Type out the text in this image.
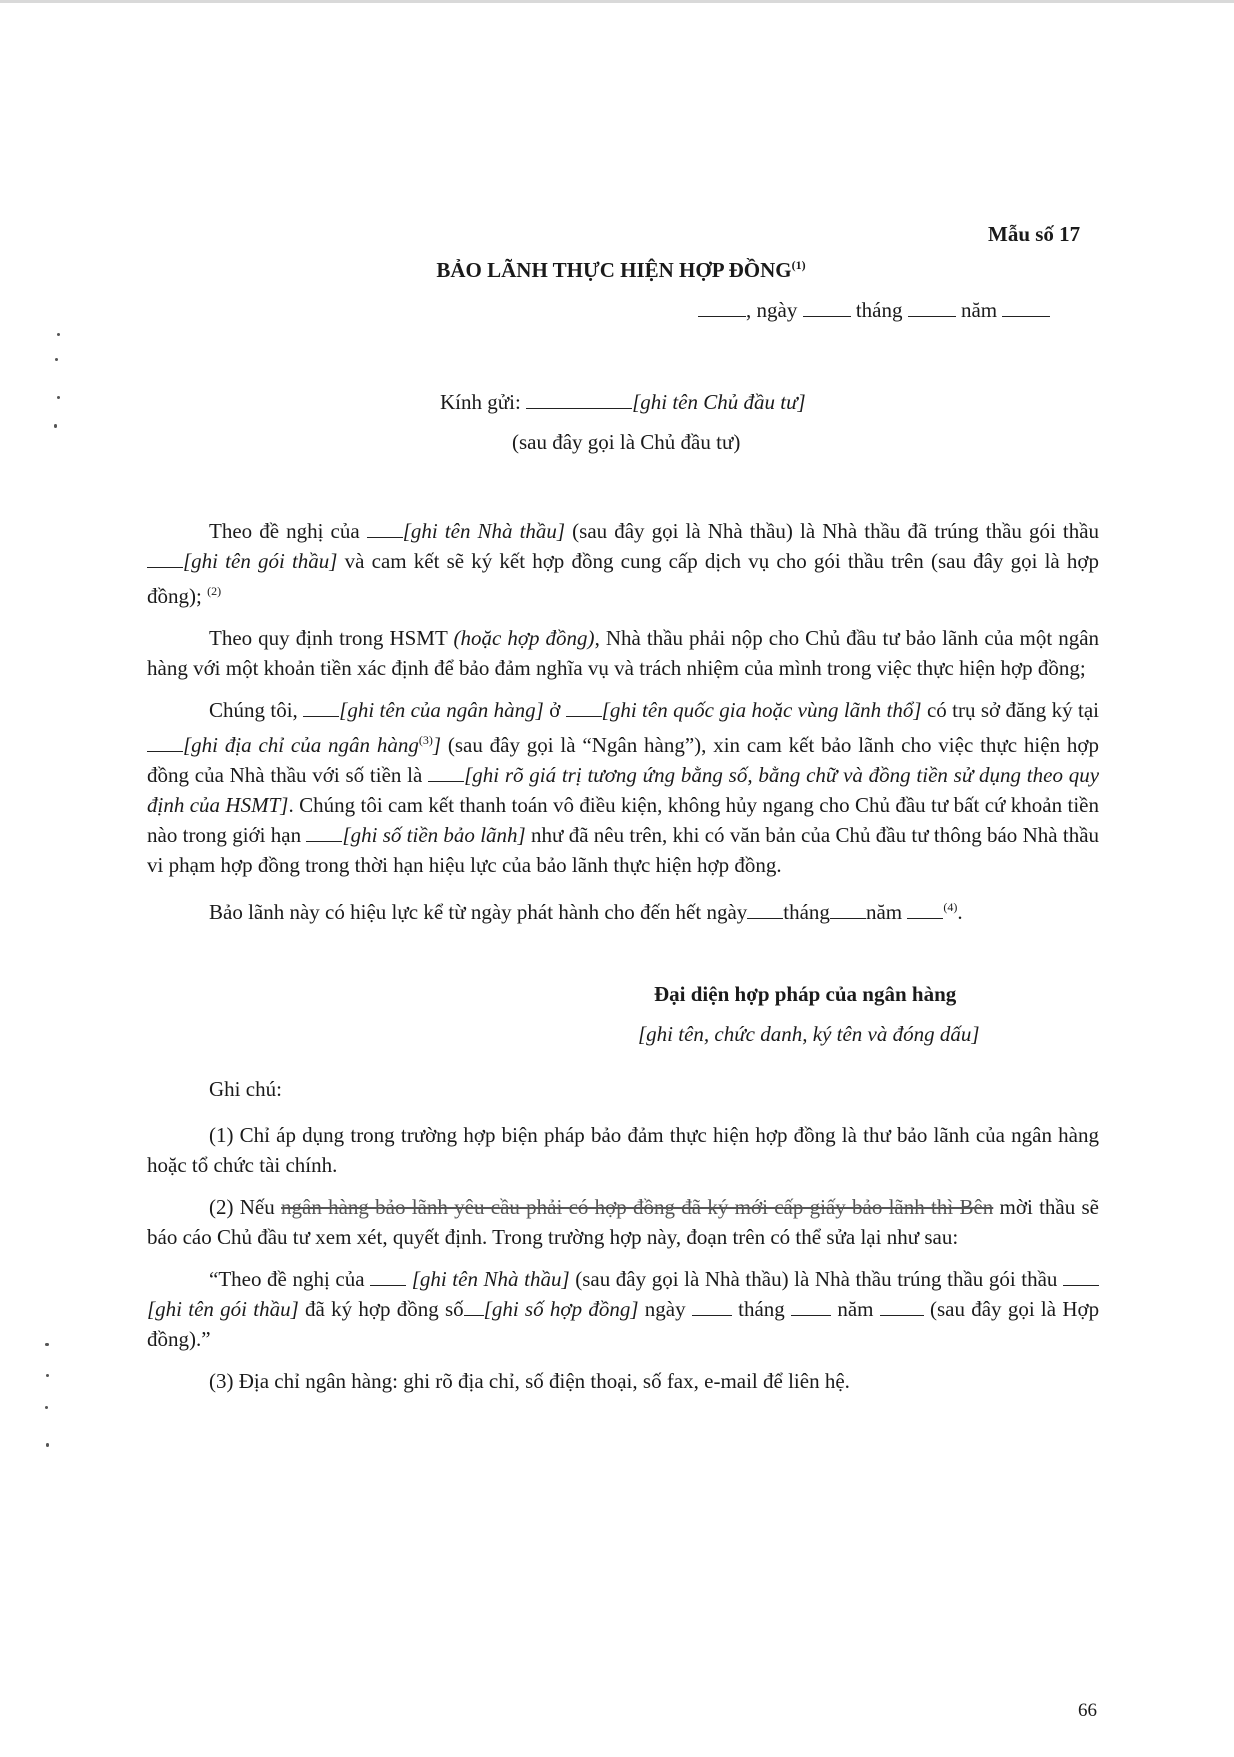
Mẫu số 17
BẢO LÃNH THỰC HIỆN HỢP ĐỒNG$^{(1)}$
, ngày	tháng	năm
Kính gửi:	[ghi tên Chủ đầu tư]
(sau đây gọi là Chủ đầu tư)

Theo đề nghị của [ghi tên Nhà thầu] (sau đây gọi là Nhà thầu) là Nhà thầu đã trúng thầu gói thầu [ghi tên gói thầu] và cam kết sẽ ký kết hợp đồng cung cấp dịch vụ cho gói thầu trên (sau đây gọi là hợp đồng); $^{(2)}$

Theo quy định trong HSMT (hoặc hợp đồng), Nhà thầu phải nộp cho Chủ đầu tư bảo lãnh của một ngân hàng với một khoản tiền xác định để bảo đảm nghĩa vụ và trách nhiệm của mình trong việc thực hiện hợp đồng;

Chúng tôi, [ghi tên của ngân hàng] ở [ghi tên quốc gia hoặc vùng lãnh thổ] có trụ sở đăng ký tại [ghi địa chỉ của ngân hàng$^{(3)}$] (sau đây gọi là “Ngân hàng”), xin cam kết bảo lãnh cho việc thực hiện hợp đồng của Nhà thầu với số tiền là [ghi rõ giá trị tương ứng bằng số, bằng chữ và đồng tiền sử dụng theo quy định của HSMT]. Chúng tôi cam kết thanh toán vô điều kiện, không hủy ngang cho Chủ đầu tư bất cứ khoản tiền nào trong giới hạn [ghi số tiền bảo lãnh] như đã nêu trên, khi có văn bản của Chủ đầu tư thông báo Nhà thầu vi phạm hợp đồng trong thời hạn hiệu lực của bảo lãnh thực hiện hợp đồng.

Bảo lãnh này có hiệu lực kể từ ngày phát hành cho đến hết ngày tháng năm	$^{(4)}$.

Đại diện hợp pháp của ngân hàng
[ghi tên, chức danh, ký tên và đóng dấu]

Ghi chú:

(1) Chỉ áp dụng trong trường hợp biện pháp bảo đảm thực hiện hợp đồng là thư bảo lãnh của ngân hàng hoặc tổ chức tài chính.

(2) Nếu ngân hàng bảo lãnh yêu cầu phải có hợp đồng đã ký mới cấp giấy bảo lãnh thì Bên mời thầu sẽ báo cáo Chủ đầu tư xem xét, quyết định. Trong trường hợp này, đoạn trên có thể sửa lại như sau:

“Theo đề nghị của [ghi tên Nhà thầu] (sau đây gọi là Nhà thầu) là Nhà thầu trúng thầu gói thầu [ghi tên gói thầu] đã ký hợp đồng số [ghi số hợp đồng] ngày	tháng	năm	(sau đây gọi là Hợp đồng).”

(3) Địa chỉ ngân hàng: ghi rõ địa chỉ, số điện thoại, số fax, e-mail để liên hệ.

66
